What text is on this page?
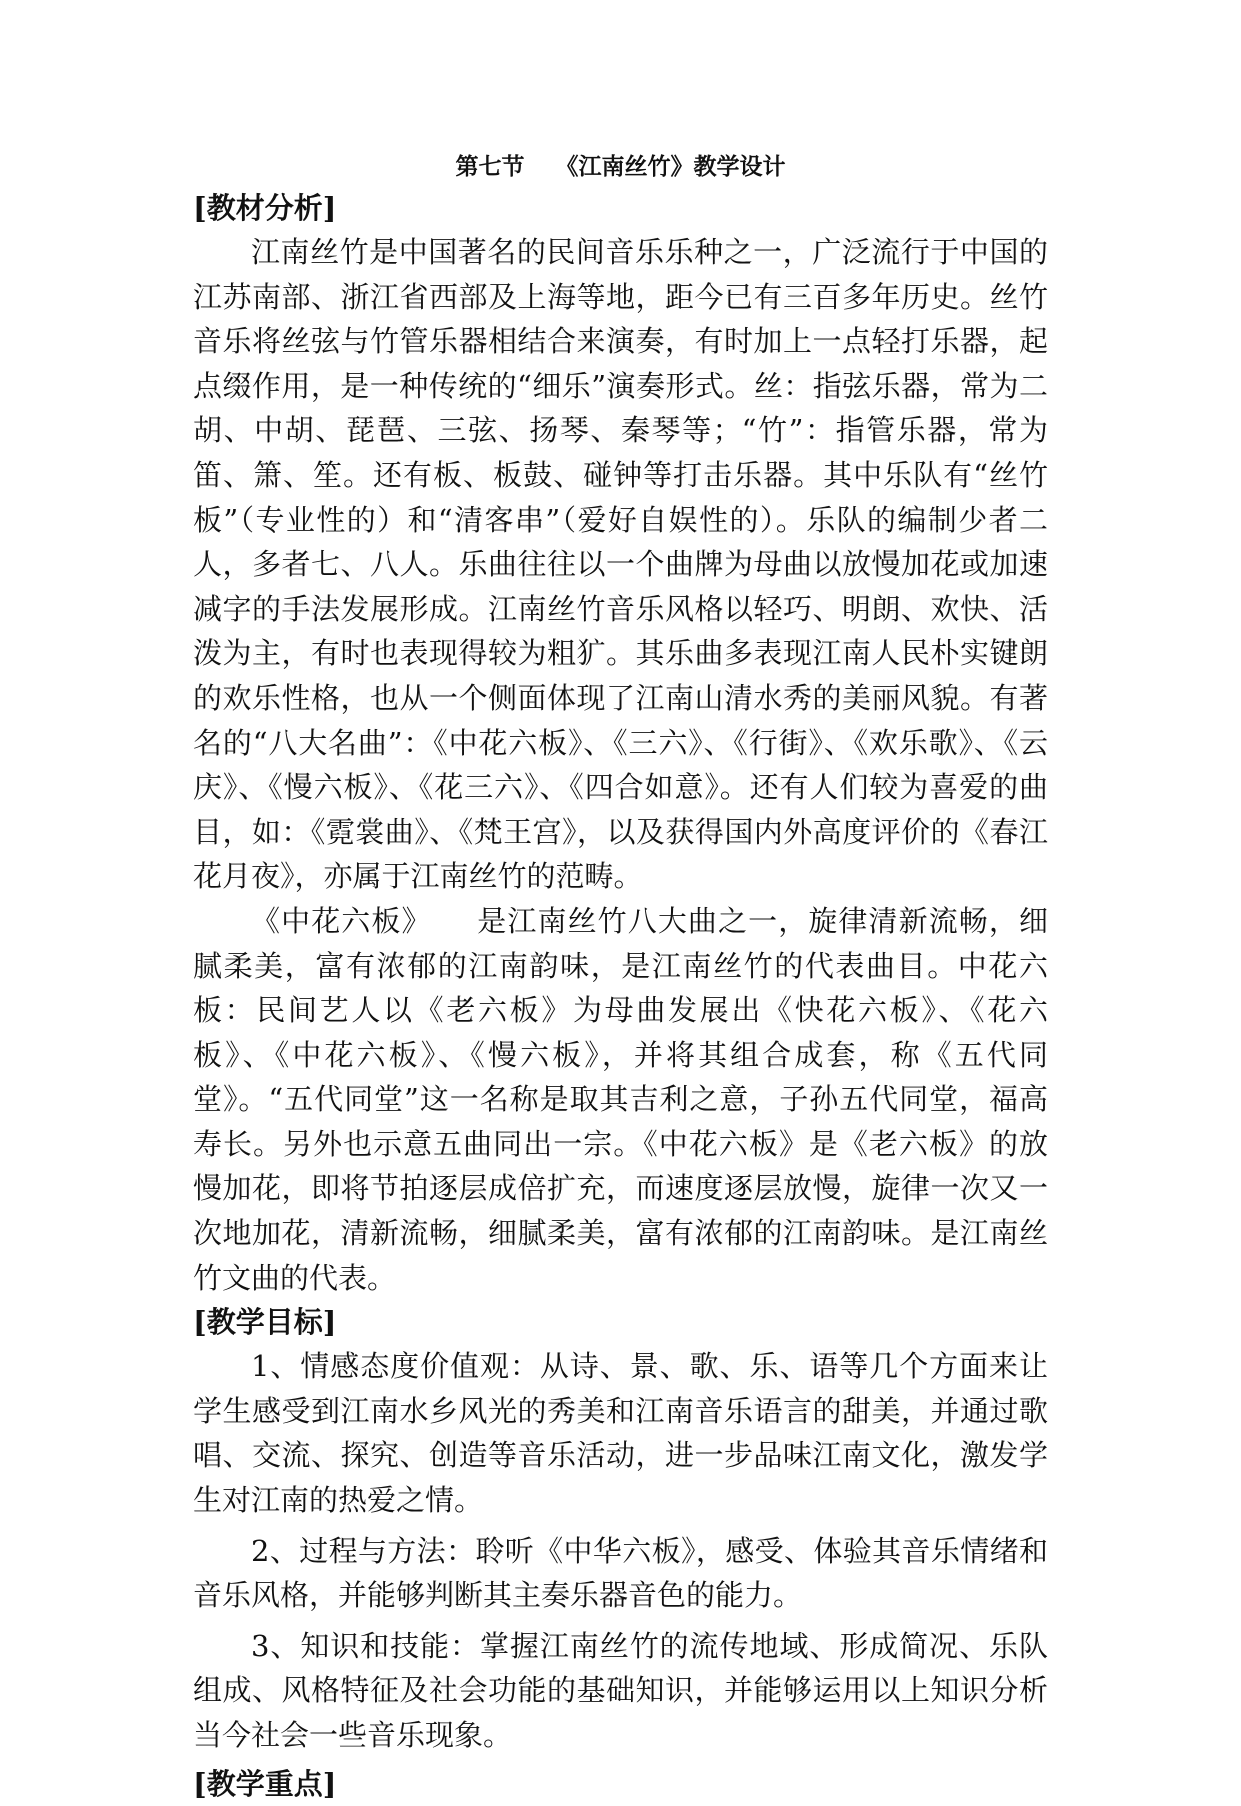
第七节　 《江南丝竹》教学设计
[教材分析]

江南丝竹是中国著名的民间音乐乐种之一，广泛流行于中国的江苏南部、浙江省西部及上海等地，距今已有三百多年历史。丝竹音乐将丝弦与竹管乐器相结合来演奏，有时加上一点轻打乐器，起点缀作用，是一种传统的“细乐”演奏形式。丝：指弦乐器，常为二胡、中胡、琵琶、三弦、扬琴、秦琴等；“竹”：指管乐器，常为笛、箫、笙。还有板、板鼓、碰钟等打击乐器。其中乐队有“丝竹板”（专业性的）和“清客串”（爱好自娱性的）。乐队的编制少者二人，多者七、八人。乐曲往往以一个曲牌为母曲以放慢加花或加速减字的手法发展形成。江南丝竹音乐风格以轻巧、明朗、欢快、活泼为主，有时也表现得较为粗犷。其乐曲多表现江南人民朴实键朗的欢乐性格，也从一个侧面体现了江南山清水秀的美丽风貌。有著名的“八大名曲”：《中花六板》、《三六》、《行街》、《欢乐歌》、《云庆》、《慢六板》、《花三六》、《四合如意》。还有人们较为喜爱的曲目，如：《霓裳曲》、《梵王宫》，以及获得国内外高度评价的《春江花月夜》，亦属于江南丝竹的范畴。

《中花六板》　　是江南丝竹八大曲之一，旋律清新流畅，细腻柔美，富有浓郁的江南韵味，是江南丝竹的代表曲目。中花六板：民间艺人以《老六板》为母曲发展出《快花六板》、《花六板》、《中花六板》、《慢六板》，并将其组合成套，称《五代同堂》。“五代同堂”这一名称是取其吉利之意，子孙五代同堂，福高寿长。另外也示意五曲同出一宗。《中花六板》是《老六板》的放慢加花，即将节拍逐层成倍扩充，而速度逐层放慢，旋律一次又一次地加花，清新流畅，细腻柔美，富有浓郁的江南韵味。是江南丝竹文曲的代表。

[教学目标]

1、情感态度价值观：从诗、景、歌、乐、语等几个方面来让学生感受到江南水乡风光的秀美和江南音乐语言的甜美，并通过歌唱、交流、探究、创造等音乐活动，进一步品味江南文化，激发学生对江南的热爱之情。

2、过程与方法：聆听《中华六板》，感受、体验其音乐情绪和音乐风格，并能够判断其主奏乐器音色的能力。

3、知识和技能：掌握江南丝竹的流传地域、形成简况、乐队组成、风格特征及社会功能的基础知识，并能够运用以上知识分析当今社会一些音乐现象。

[教学重点]
